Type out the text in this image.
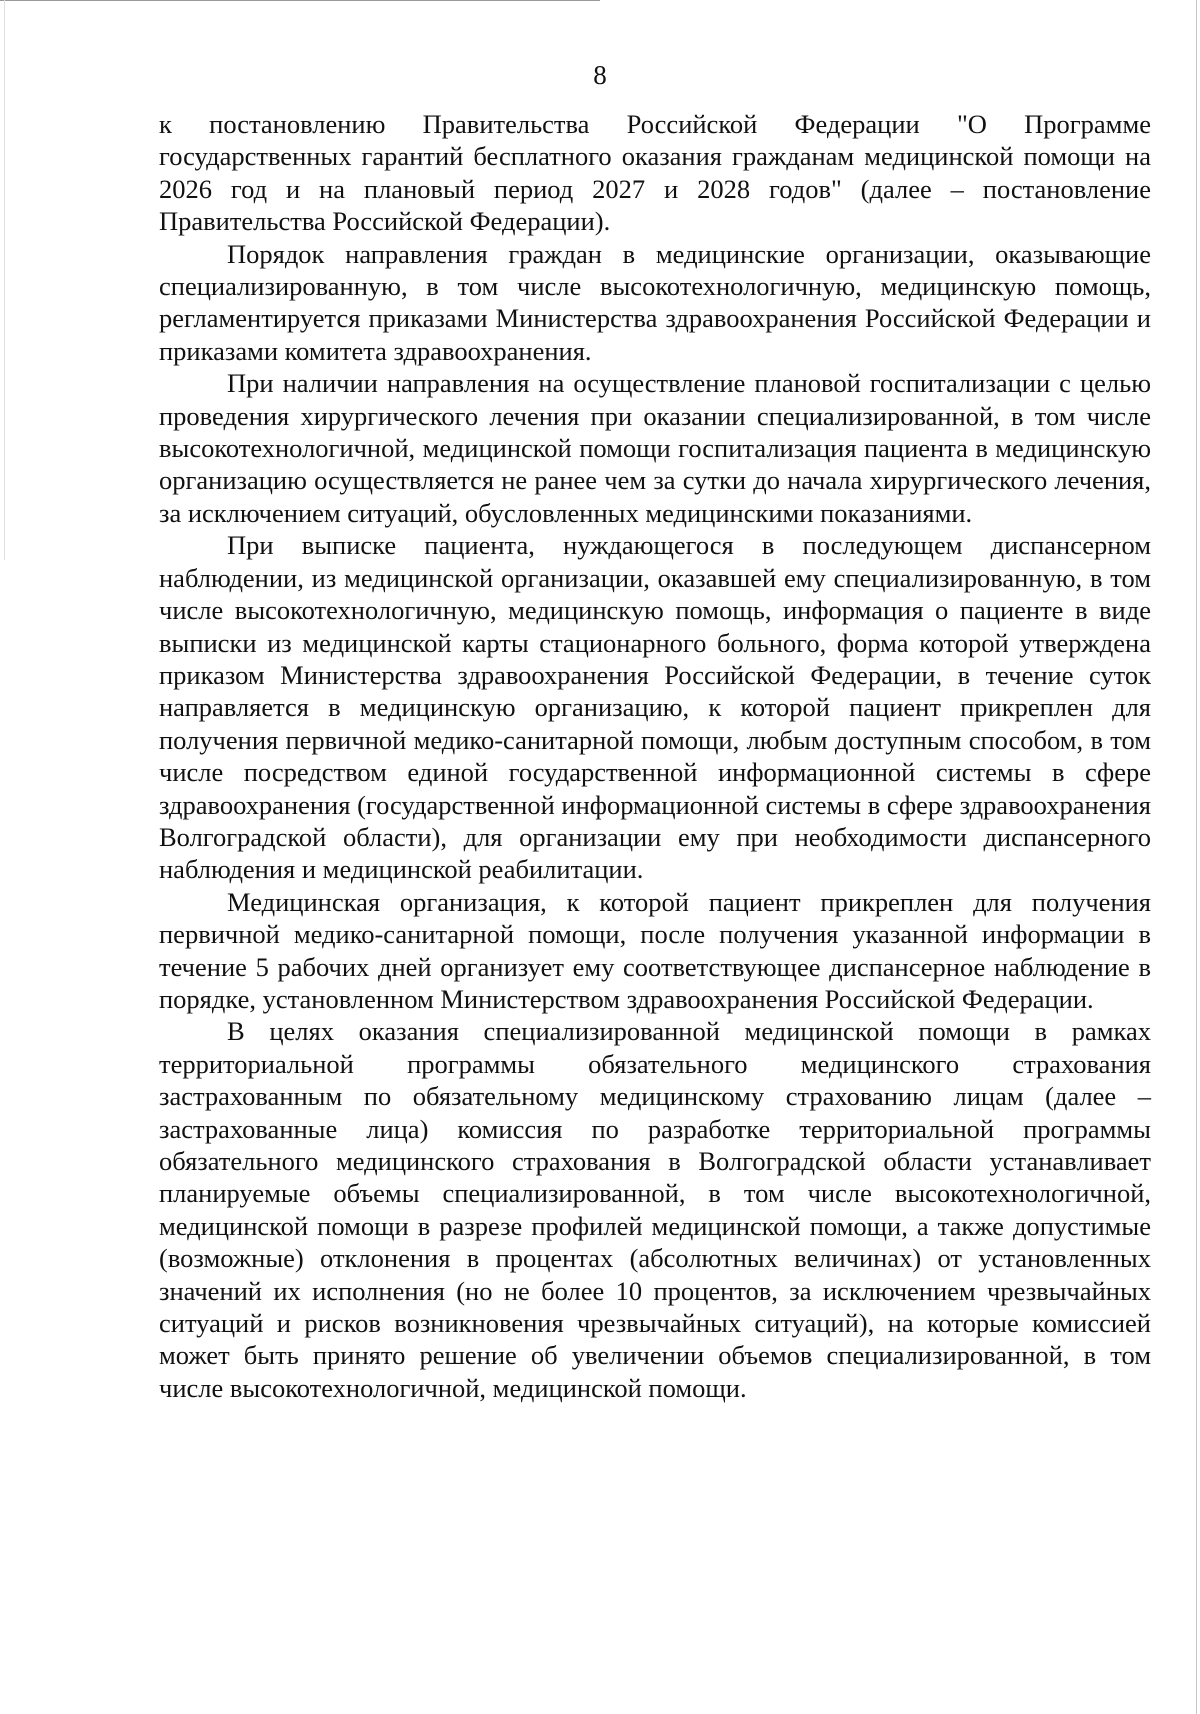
8

к постановлению Правительства Российской Федерации "О Программе государственных гарантий бесплатного оказания гражданам медицинской помощи на 2026 год и на плановый период 2027 и 2028 годов" (далее – постановление Правительства Российской Федерации).

Порядок направления граждан в медицинские организации, оказывающие специализированную, в том числе высокотехнологичную, медицинскую помощь, регламентируется приказами Министерства здравоохранения Российской Федерации и приказами комитета здравоохранения.

При наличии направления на осуществление плановой госпитализации с целью проведения хирургического лечения при оказании специализированной, в том числе высокотехнологичной, медицинской помощи госпитализация пациента в медицинскую организацию осуществляется не ранее чем за сутки до начала хирургического лечения, за исключением ситуаций, обусловленных медицинскими показаниями.

При выписке пациента, нуждающегося в последующем диспансерном наблюдении, из медицинской организации, оказавшей ему специализированную, в том числе высокотехнологичную, медицинскую помощь, информация о пациенте в виде выписки из медицинской карты стационарного больного, форма которой утверждена приказом Министерства здравоохранения Российской Федерации, в течение суток направляется в медицинскую организацию, к которой пациент прикреплен для получения первичной медико-санитарной помощи, любым доступным способом, в том числе посредством единой государственной информационной системы в сфере здравоохранения (государственной информационной системы в сфере здравоохранения Волгоградской области), для организации ему при необходимости диспансерного наблюдения и медицинской реабилитации.

Медицинская организация, к которой пациент прикреплен для получения первичной медико-санитарной помощи, после получения указанной информации в течение 5 рабочих дней организует ему соответствующее диспансерное наблюдение в порядке, установленном Министерством здравоохранения Российской Федерации.

В целях оказания специализированной медицинской помощи в рамках территориальной программы обязательного медицинского страхования застрахованным по обязательному медицинскому страхованию лицам (далее – застрахованные лица) комиссия по разработке территориальной программы обязательного медицинского страхования в Волгоградской области устанавливает планируемые объемы специализированной, в том числе высокотехнологичной, медицинской помощи в разрезе профилей медицинской помощи, а также допустимые (возможные) отклонения в процентах (абсолютных величинах) от установленных значений их исполнения (но не более 10 процентов, за исключением чрезвычайных ситуаций и рисков возникновения чрезвычайных ситуаций), на которые комиссией может быть принято решение об увеличении объемов специализированной, в том числе высокотехнологичной, медицинской помощи.
